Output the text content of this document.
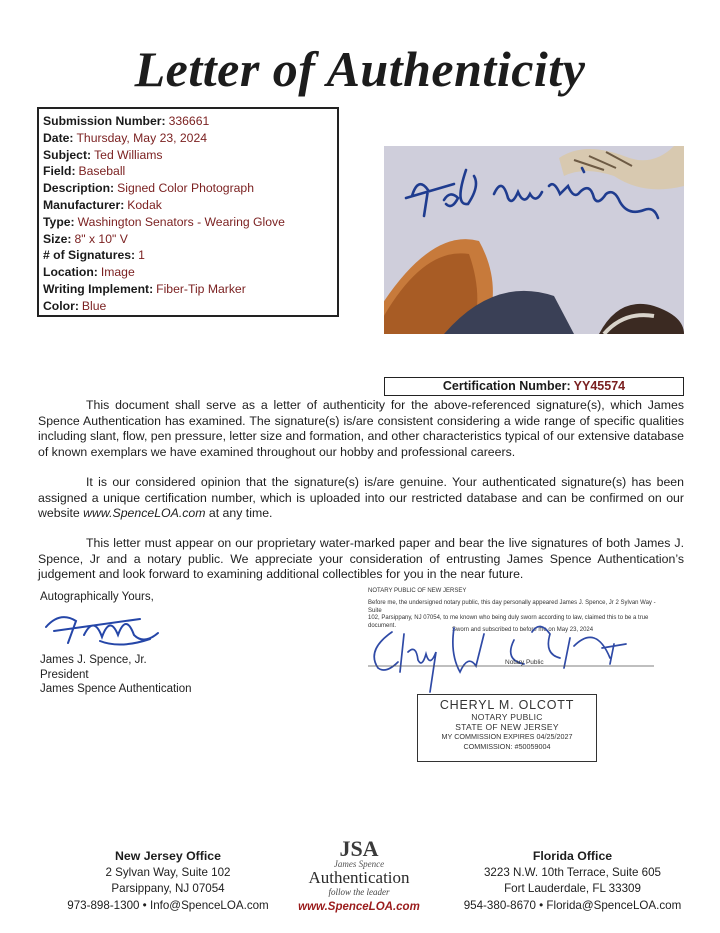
Letter of Authenticity
Submission Number: 336661
Date: Thursday, May 23, 2024
Subject: Ted Williams
Field: Baseball
Description: Signed Color Photograph
Manufacturer: Kodak
Type: Washington Senators - Wearing Glove
Size: 8" x 10" V
# of Signatures: 1
Location: Image
Writing Implement: Fiber-Tip Marker
Color: Blue
Certification Number: YY45574
This document shall serve as a letter of authenticity for the above-referenced signature(s), which James Spence Authentication has examined. The signature(s) is/are consistent considering a wide range of specific qualities including slant, flow, pen pressure, letter size and formation, and other characteristics typical of our extensive database of known exemplars we have examined throughout our hobby and professional careers.
It is our considered opinion that the signature(s) is/are genuine. Your authenticated signature(s) has been assigned a unique certification number, which is uploaded into our restricted database and can be confirmed on our website www.SpenceLOA.com at any time.
This letter must appear on our proprietary water-marked paper and bear the live signatures of both James J. Spence, Jr and a notary public. We appreciate your consideration of entrusting James Spence Authentication’s judgement and look forward to examining additional collectibles for you in the near future.
Autographically Yours,
James J. Spence, Jr.
President
James Spence Authentication
NOTARY PUBLIC OF NEW JERSEY
Before me, the undersigned notary public, this day personally appeared James J. Spence, Jr 2 Sylvan Way - Suite
102, Parsippany, NJ 07054, to me known who being duly sworn according to law, claimed this to be a true
document.
Sworn and subscribed to before me on May 23, 2024
Notary Public
CHERYL M. OLCOTT
NOTARY PUBLIC
STATE OF NEW JERSEY
MY COMMISSION EXPIRES 04/25/2027
COMMISSION: #50059004
New Jersey Office
2 Sylvan Way, Suite 102
Parsippany, NJ 07054
973-898-1300 • Info@SpenceLOA.com
JSA
James Spence
Authentication
follow the leader
www.SpenceLOA.com
Florida Office
3223 N.W. 10th Terrace, Suite 605
Fort Lauderdale, FL 33309
954-380-8670 • Florida@SpenceLOA.com
